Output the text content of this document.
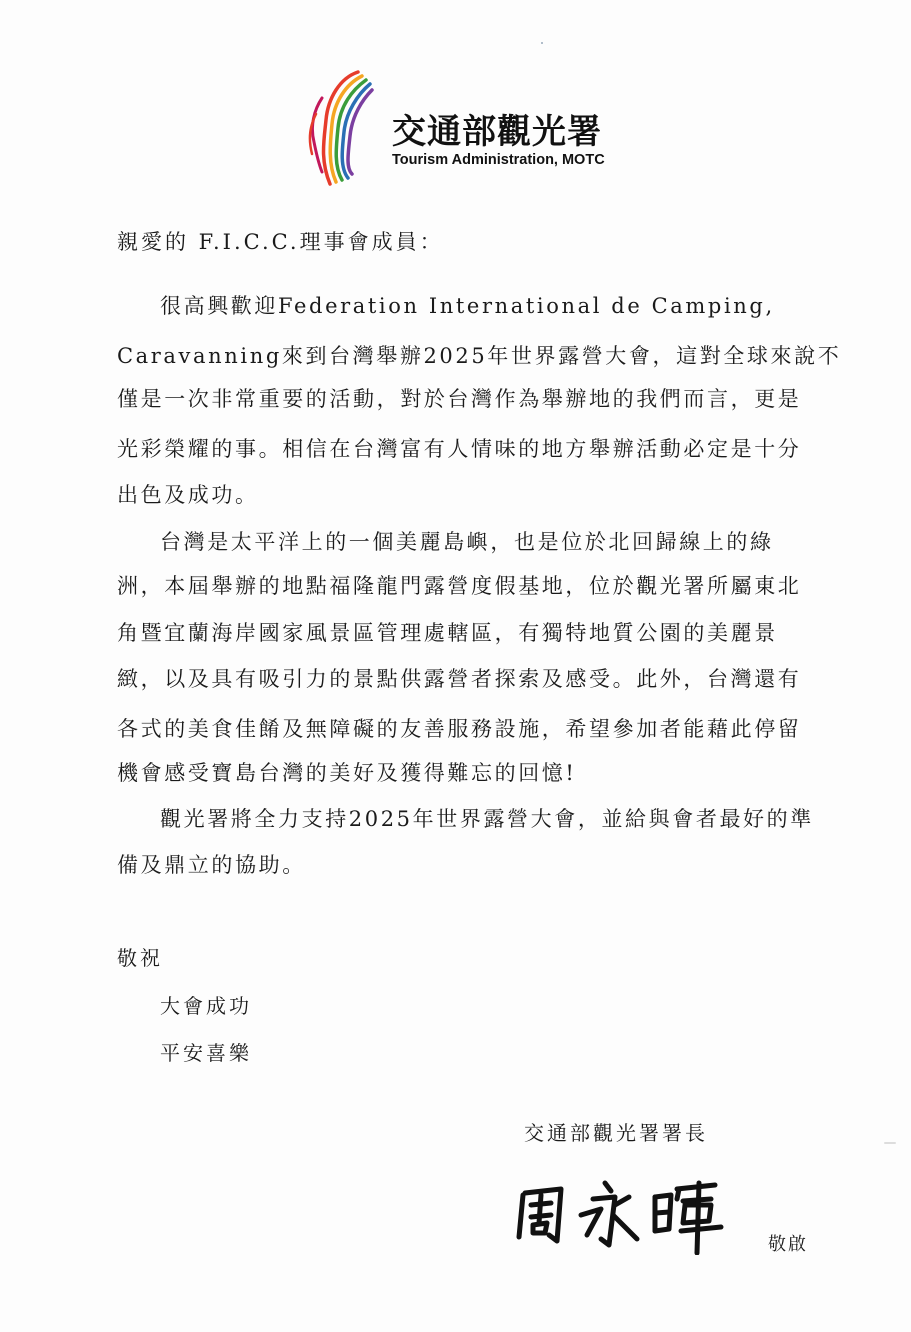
交通部觀光署
Tourism Administration, MOTC
親愛的 F.I.C.C.理事會成員：
很高興歡迎Federation International de Camping,
Caravanning來到台灣舉辦2025年世界露營大會，這對全球來說不
僅是一次非常重要的活動，對於台灣作為舉辦地的我們而言，更是
光彩榮耀的事。相信在台灣富有人情味的地方舉辦活動必定是十分
出色及成功。
台灣是太平洋上的一個美麗島嶼，也是位於北回歸線上的綠
洲，本屆舉辦的地點福隆龍門露營度假基地，位於觀光署所屬東北
角暨宜蘭海岸國家風景區管理處轄區，有獨特地質公園的美麗景
緻，以及具有吸引力的景點供露營者探索及感受。此外，台灣還有
各式的美食佳餚及無障礙的友善服務設施，希望參加者能藉此停留
機會感受寶島台灣的美好及獲得難忘的回憶!
觀光署將全力支持2025年世界露營大會，並給與會者最好的準
備及鼎立的協助。
敬祝
大會成功
平安喜樂
交通部觀光署署長
敬啟
